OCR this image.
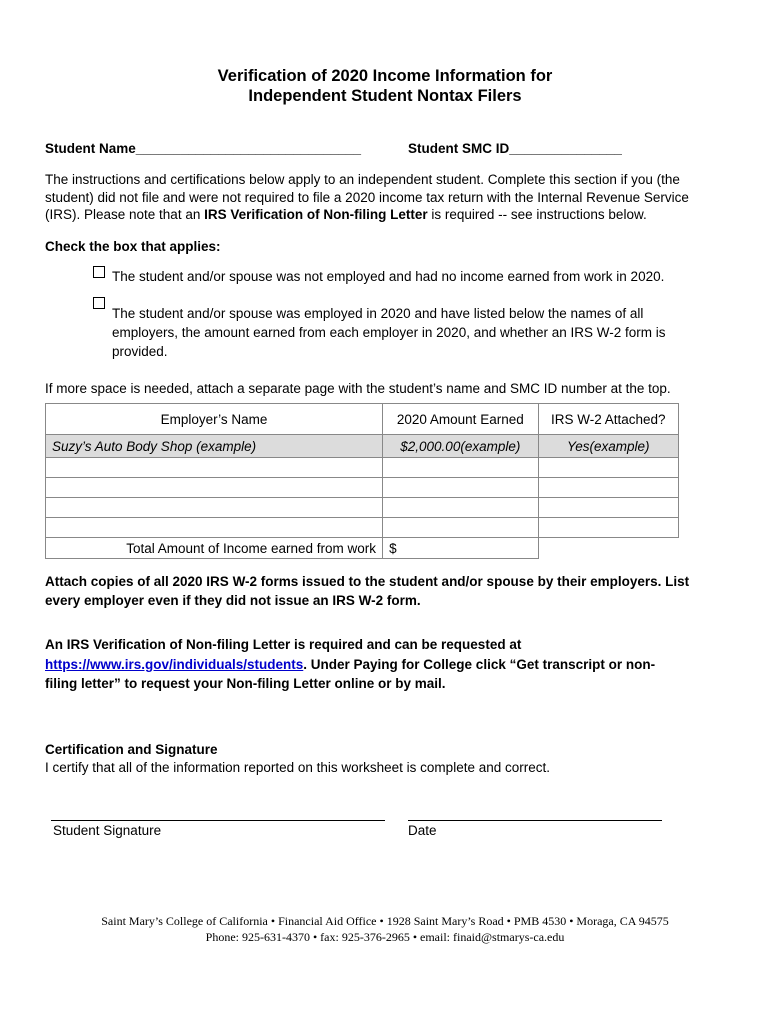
Verification of 2020 Income Information for
Independent Student Nontax Filers
Student Name______________________________	Student SMC ID_______________
The instructions and certifications below apply to an independent student. Complete this section if you (the
student) did not file and were not required to file a 2020 income tax return with the Internal Revenue Service
(IRS). Please note that an IRS Verification of Non-filing Letter is required -- see instructions below.
Check the box that applies:
The student and/or spouse was not employed and had no income earned from work in 2020.
The student and/or spouse was employed in 2020 and have listed below the names of all
employers, the amount earned from each employer in 2020, and whether an IRS W-2 form is
provided.
If more space is needed, attach a separate page with the student’s name and SMC ID number at the top.
Employer’s Name	2020 Amount Earned	IRS W-2 Attached?
Suzy’s Auto Body Shop (example)	$2,000.00(example)	Yes(example)

Total Amount of Income earned from work	$	
Attach copies of all 2020 IRS W-2 forms issued to the student and/or spouse by their employers. List
every employer even if they did not issue an IRS W-2 form.
An IRS Verification of Non-filing Letter is required and can be requested at
https://www.irs.gov/individuals/students. Under Paying for College click “Get transcript or non-
filing letter” to request your Non-filing Letter online or by mail.
Certification and Signature
I certify that all of the information reported on this worksheet is complete and correct.
Student Signature	Date
Saint Mary’s College of California • Financial Aid Office • 1928 Saint Mary’s Road • PMB 4530 • Moraga, CA 94575
Phone: 925-631-4370 • fax: 925-376-2965 • email: finaid@stmarys-ca.edu
